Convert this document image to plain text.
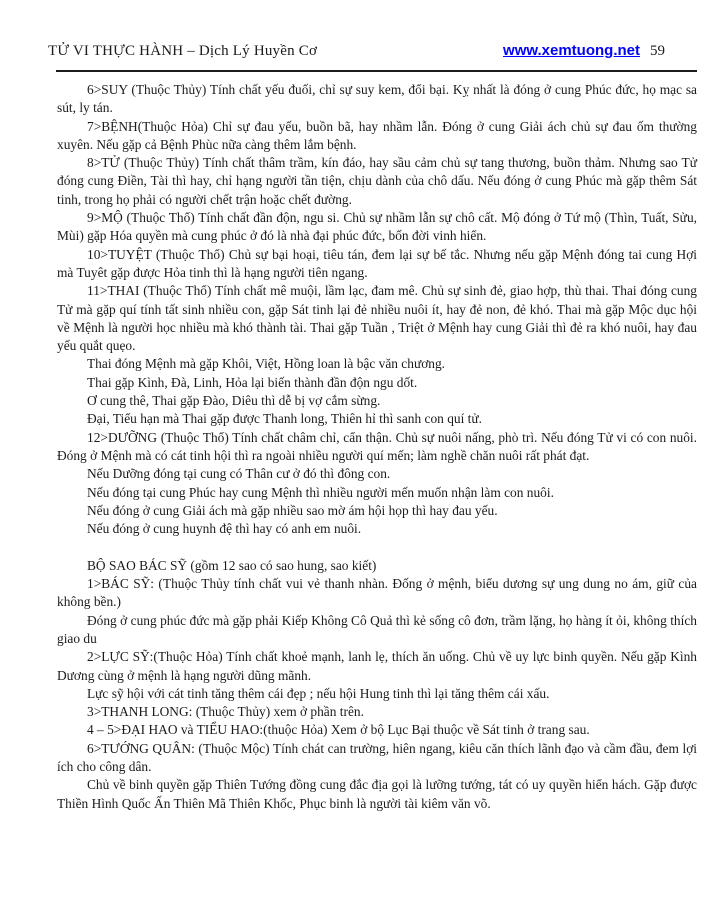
TỬ VI THỰC HÀNH – Dịch Lý Huyền Cơ	www.xemtuong.net 59

6>SUY (Thuộc Thủy) Tính chất yếu đuối, chỉ sự suy kem, đổi bại. Kỵ nhất là đóng ở cung Phúc đức, họ mạc sa sút, ly tán.

7>BỆNH(Thuộc Hỏa) Chỉ sự đau yếu, buồn bã, hay nhầm lẫn. Đóng ở cung Giải ách chủ sự đau ốm thường xuyên. Nếu gặp cả Bệnh Phùc nữa càng thêm lắm bệnh.

8>TỬ (Thuộc Thủy) Tính chất thâm trầm, kín đáo, hay sầu cảm chủ sự tang thương, buồn thảm. Nhưng sao Tử đóng cung Điền, Tài thì hay, chỉ hạng người tần tiện, chịu dành của chô dấu. Nếu đóng ở cung Phúc mà gặp thêm Sát tinh, trong họ phải có người chết trận hoặc chết đường.

9>MỘ (Thuộc Thổ) Tính chất đần độn, ngu si. Chủ sự nhầm lẫn sự chô cất. Mộ đóng ở Tứ mộ (Thìn, Tuất, Sửu, Mùi) gặp Hóa quyền mà cung phúc ở đó là nhà đại phúc đức, bốn đời vinh hiển.

10>TUYỆT (Thuộc Thổ) Chủ sự bại hoại, tiêu tán, đem lại sự bế tắc. Nhưng nếu gặp Mệnh đóng tai cung Hợi mà Tuyêt gặp được Hỏa tinh thì là hạng người tiên ngang.

11>THAI (Thuộc Thổ) Tính chất mê muội, lầm lạc, đam mê. Chủ sự sinh đẻ, giao hợp, thù thai. Thai đóng cung Tử mà gặp quí tính tất sinh nhiều con, gặp Sát tinh lại đẻ nhiều nuôi ít, hay đẻ non, đẻ khó. Thai mà gặp Mộc dục hội về Mệnh là người học nhiều mà khó thành tài. Thai gặp Tuần , Triệt ở Mệnh hay cung Giải thì đẻ ra khó nuôi, hay đau yếu quắt quẹo.

Thai đóng Mệnh mà gặp Khôi, Việt, Hồng loan là bậc văn chương.

Thai gặp Kình, Đà, Linh, Hỏa lại biến thành đần độn ngu dốt.

Ơ cung thê, Thai gặp Đào, Diêu thì dễ bị vợ cắm sừng.

Đại, Tiểu hạn mà Thai gặp được Thanh long, Thiên hỉ thì sanh con quí tử.

12>DƯỠNG (Thuộc Thổ) Tính chất châm chỉ, cẩn thận. Chủ sự nuôi nấng, phò trì. Nếu đóng Tử vi có con nuôi. Đóng ở Mệnh mà có cát tinh hội thì ra ngoài nhiều người quí mến; làm nghề chăn nuôi rất phát đạt.

Nếu Dưỡng đóng tại cung có Thân cư ở đó thì đông con.

Nếu đóng tại cung Phúc hay cung Mệnh thì nhiều người mến muốn nhận làm con nuôi.

Nếu đóng ở cung Giải ách mà gặp nhiều sao mờ ám hội họp thì hay đau yếu.

Nếu đóng ở cung huynh đệ thì hay có anh em nuôi.

BỘ SAO BÁC SỸ (gồm 12 sao có sao hung, sao kiết)

1>BÁC SỸ: (Thuộc Thủy tính chất vui vẻ thanh nhàn. Đống ở mệnh, biểu dương sự ung dung no ám, giữ của không bền.)

Đóng ở cung phúc đức mà gặp phải Kiếp Không Cô Quả thì kẻ sống cô đơn, trầm lặng, họ hàng ít ỏi, không thích giao du

2>LỰC SỸ:(Thuộc Hỏa) Tính chất khoẻ mạnh, lanh lẹ, thích ăn uống. Chủ về uy lực binh quyền. Nếu gặp Kình Dương cùng ở mệnh là hạng người dũng mãnh.

Lực sỹ hội với cát tinh tăng thêm cái đẹp ; nếu hội Hung tinh thì lại tăng thêm cái xấu.

3>THANH LONG: (Thuộc Thủy) xem ở phần trên.

4 – 5>ĐẠI HAO và TIỂU HAO:(thuộc Hỏa) Xem ở bộ Lục Bại thuộc về Sát tinh ở trang sau.

6>TƯỚNG QUÂN: (Thuộc Mộc) Tính chát can trường, hiên ngang, kiêu căn thích lãnh đạo và cầm đầu, đem lợi ích cho công dân.

Chủ về binh quyền gặp Thiên Tướng đồng cung đắc địa gọi là lưỡng tướng, tát có uy quyền hiển hách. Gặp được Thiền Hình Quốc Ấn Thiên Mã Thiên Khốc, Phục binh là người tài kiêm văn võ.
